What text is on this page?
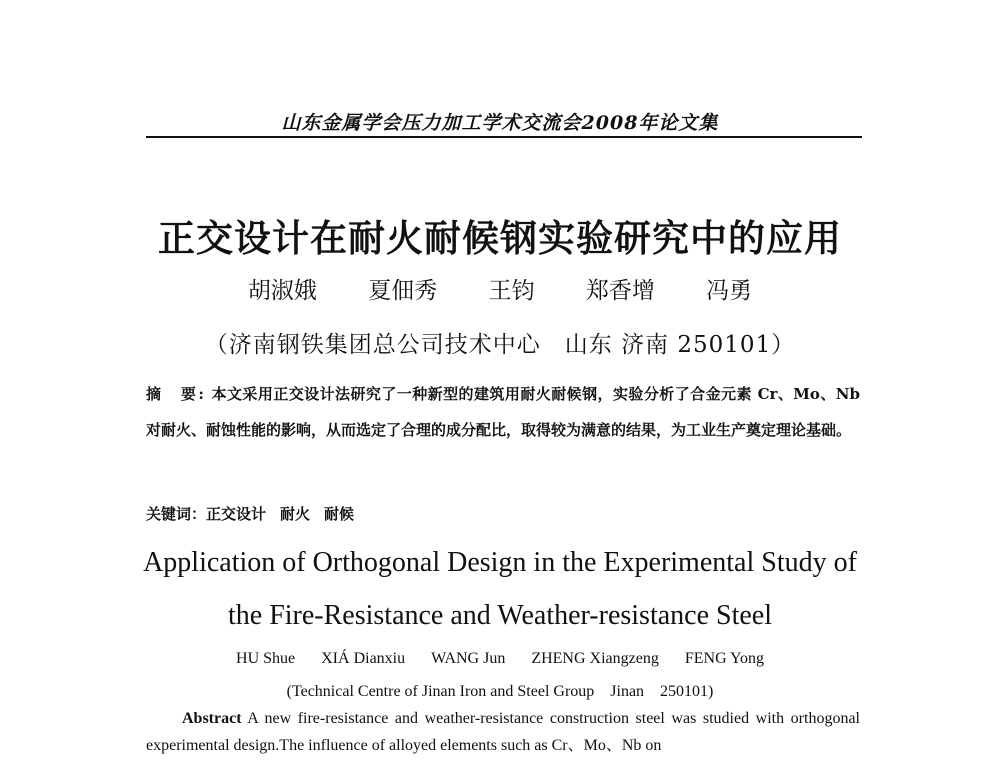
山东金属学会压力加工学术交流会2008年论文集
正交设计在耐火耐候钢实验研究中的应用
胡淑娥 夏佃秀 王钧 郑香增 冯勇
（济南钢铁集团总公司技术中心　山东 济南 250101）
摘　要: 本文采用正交设计法研究了一种新型的建筑用耐火耐候钢，实验分析了合金元素 Cr、Mo、Nb 对耐火、耐蚀性能的影响，从而选定了合理的成分配比，取得较为满意的结果，为工业生产奠定理论基础。
关键词：正交设计 耐火 耐候
Application of Orthogonal Design in the Experimental Study of
the Fire-Resistance and Weather-resistance Steel
HU Shue XIÁ Dianxiu WANG Jun ZHENG Xiangzeng FENG Yong
(Technical Centre of Jinan Iron and Steel Group　Jinan　250101)
Abstract A new fire-resistance and weather-resistance construction steel was studied with orthogonal experimental design.The influence of alloyed elements such as Cr、Mo、Nb on
